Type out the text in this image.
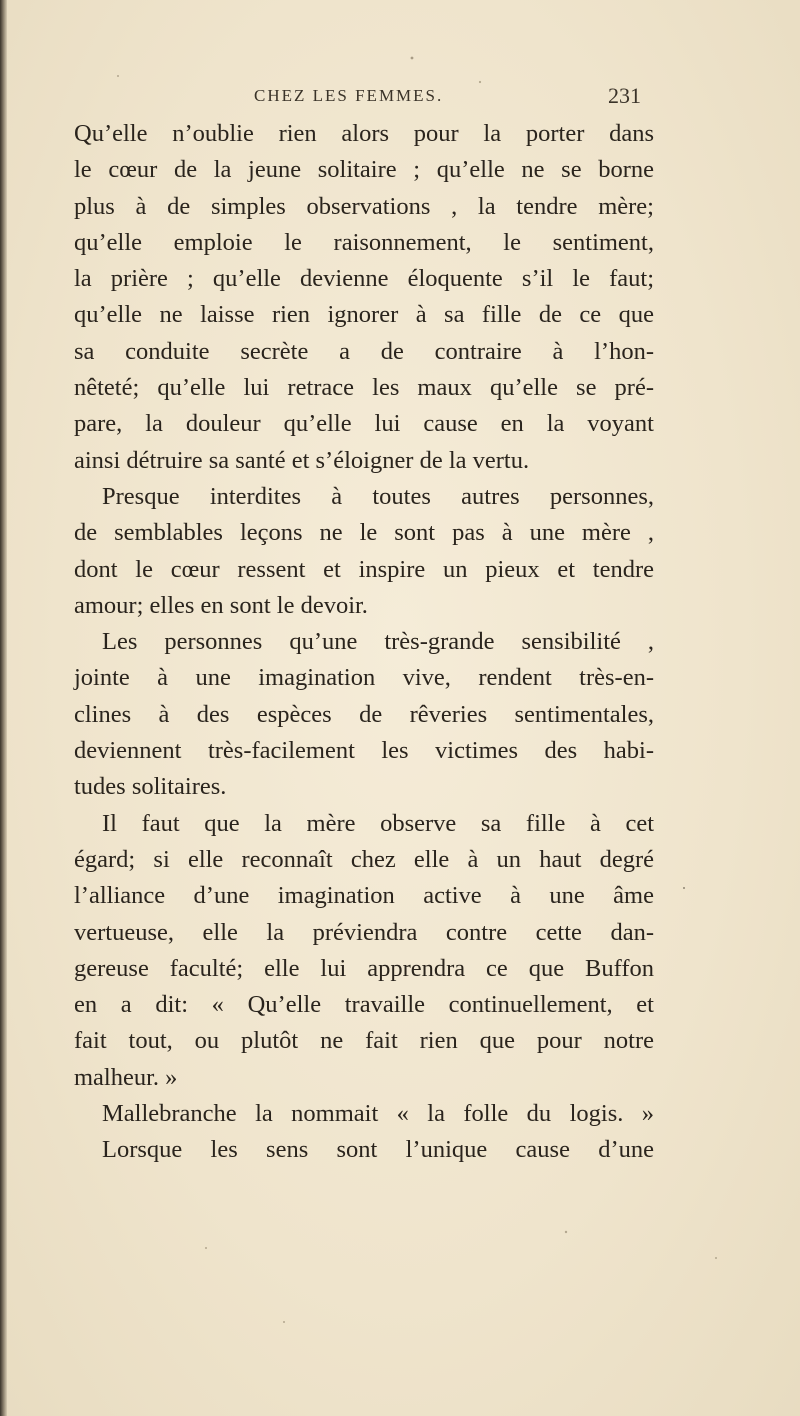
CHEZ LES FEMMES.	231
Qu’elle n’oublie rien alors pour la porter dans
le cœur de la jeune solitaire ; qu’elle ne se borne
plus à de simples observations , la tendre mère;
qu’elle emploie le raisonnement, le sentiment,
la prière ; qu’elle devienne éloquente s’il le faut;
qu’elle ne laisse rien ignorer à sa fille de ce que
sa conduite secrète a de contraire à l’hon-
nêteté; qu’elle lui retrace les maux qu’elle se pré-
pare, la douleur qu’elle lui cause en la voyant
ainsi détruire sa santé et s’éloigner de la vertu.
Presque interdites à toutes autres personnes,
de semblables leçons ne le sont pas à une mère ,
dont le cœur ressent et inspire un pieux et tendre
amour; elles en sont le devoir.
Les personnes qu’une très-grande sensibilité ,
jointe à une imagination vive, rendent très-en-
clines à des espèces de rêveries sentimentales,
deviennent très-facilement les victimes des habi-
tudes solitaires.
Il faut que la mère observe sa fille à cet
égard; si elle reconnaît chez elle à un haut degré
l’alliance d’une imagination active à une âme
vertueuse, elle la préviendra contre cette dan-
gereuse faculté; elle lui apprendra ce que Buffon
en a dit: « Qu’elle travaille continuellement, et
fait tout, ou plutôt ne fait rien que pour notre
malheur. »
Mallebranche la nommait « la folle du logis. »
Lorsque les sens sont l’unique cause d’une
